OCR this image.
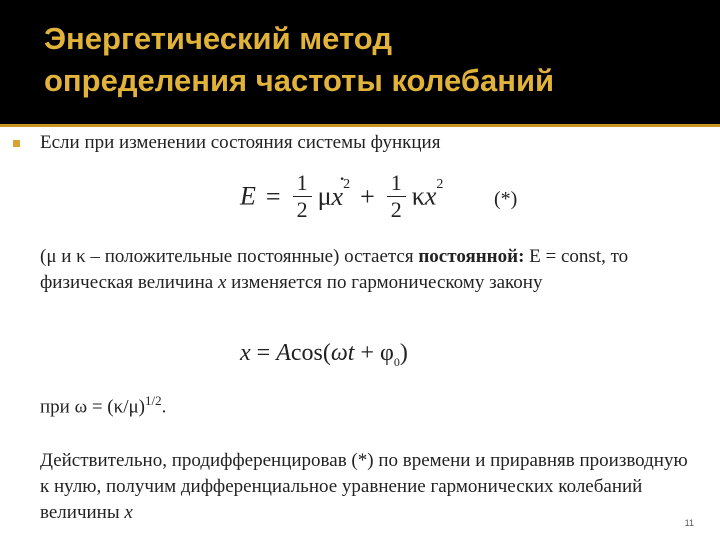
Энергетический метод
определения частоты колебаний
Если при изменении состояния системы функция
$E = \frac{1}{2} \mu\cdot x2 + \frac{1}{2} \kappa x2$
(*)
(μ и κ – положительные постоянные) остается постоянной: E = const, то физическая величина x изменяется по гармоническому закону
$x = Acos(\omega t + \varphi_0)$
при $\omega = (\kappa/\mu)^{1/2}$.
Действительно, продифференцировав (*) по времени и приравняв производную к нулю, получим дифференциальное уравнение гармонических колебаний величины x	11
